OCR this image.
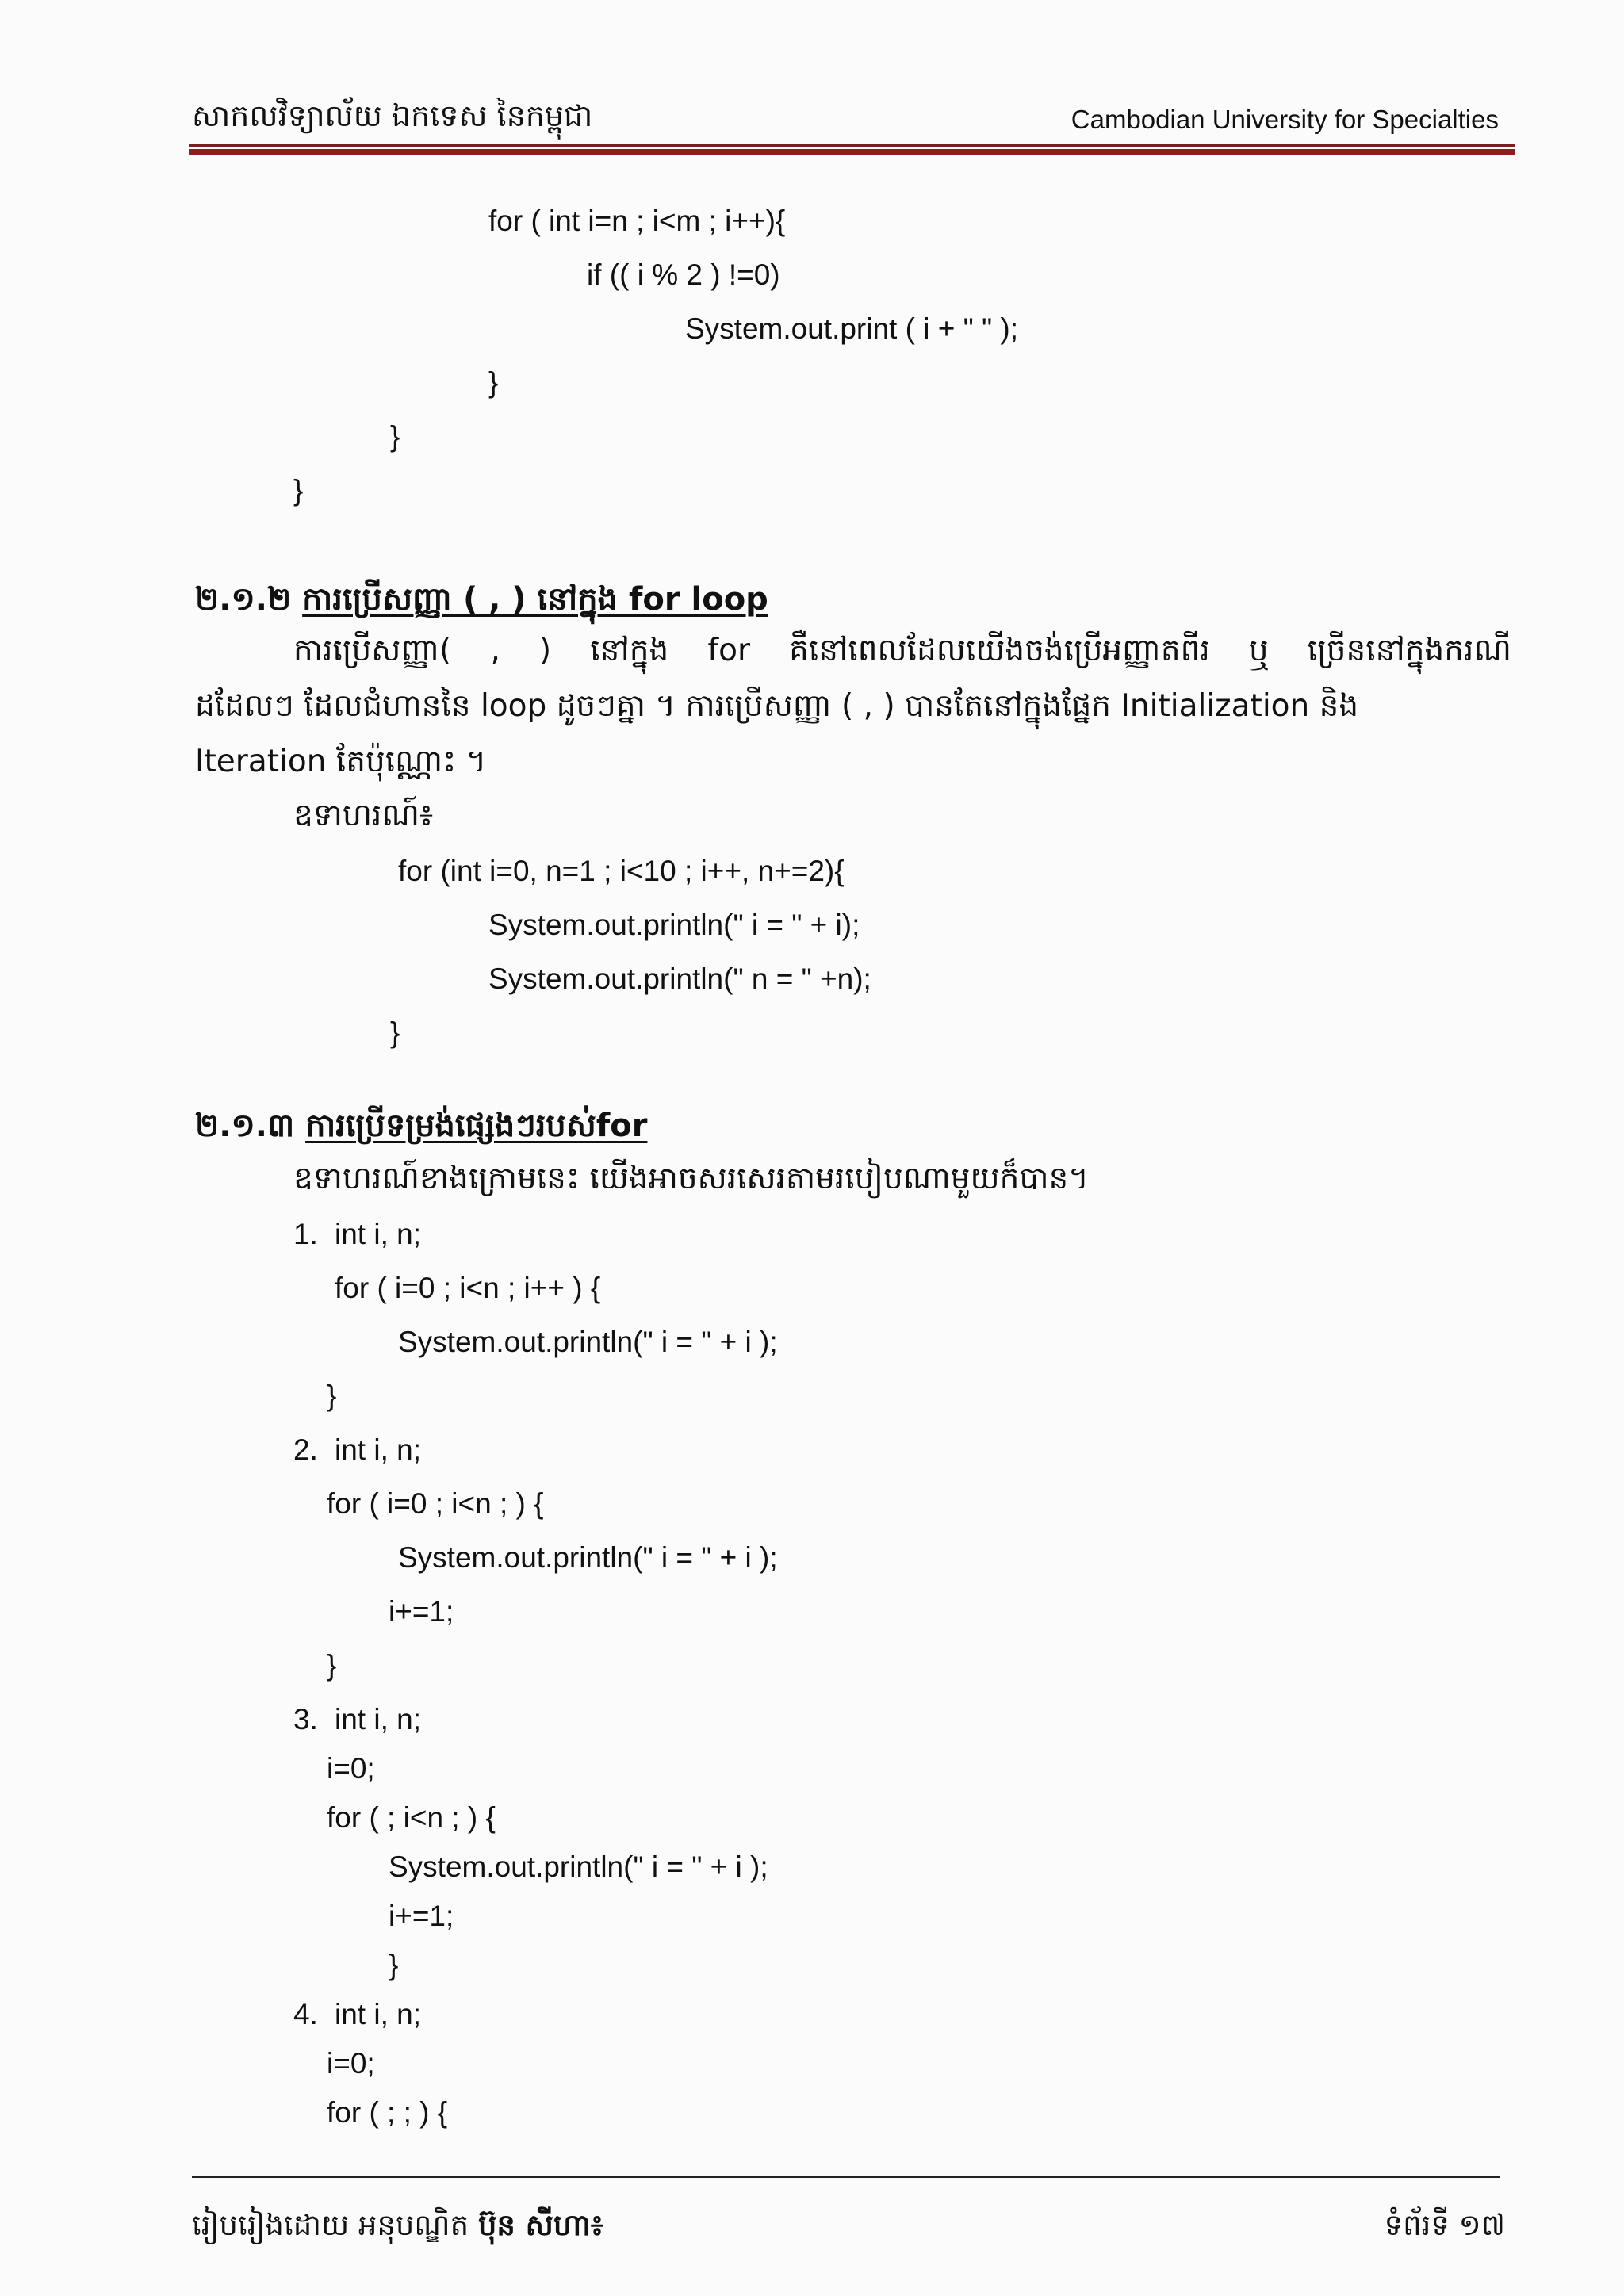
សាកលវិទ្យាល័យ ឯកទេស នៃកម្ពុជា	Cambodian University for Specialties
for ( int i=n ; i<m ; i++){
if (( i % 2 ) !=0)
System.out.print ( i + " " );
}
}
}
២.១.២ ការប្រើសញ្ញា ( , ) នៅក្នុង for loop
ការប្រើសញ្ញា( , ) នៅក្នុង for គឺនៅពេលដែលយើងចង់ប្រើអញ្ញាតពីរ ឬ ច្រើននៅក្នុងករណី
ដដែលៗ ដែលជំហាននៃ loop ដូចៗគ្នា ។ ការប្រើសញ្ញា ( , ) បានតែនៅក្នុងផ្នែក Initialization និង
Iteration តែប៉ុណ្ណោះ ។
ឧទាហរណ៍៖
for (int i=0, n=1 ; i<10 ; i++, n+=2){
System.out.println(" i = " + i);
System.out.println(" n = " +n);
}
២.១.៣ ការប្រើទម្រង់ផ្សេងៗរបស់for
ឧទាហរណ៍ខាងក្រោមនេះ យើងអាចសរសេរតាមរបៀបណាមួយក៏បាន។
1. int i, n;
for ( i=0 ; i<n ; i++ ) {
System.out.println(" i = " + i );
}
2. int i, n;
for ( i=0 ; i<n ; ) {
System.out.println(" i = " + i );
i+=1;
}
3. int i, n;
i=0;
for ( ; i<n ; ) {
System.out.println(" i = " + i );
i+=1;
}
4. int i, n;
i=0;
for ( ; ; ) {
រៀបរៀងដោយ អនុបណ្ឌិត ប៊ុន សីហា៖	ទំព័រទី ១៧
